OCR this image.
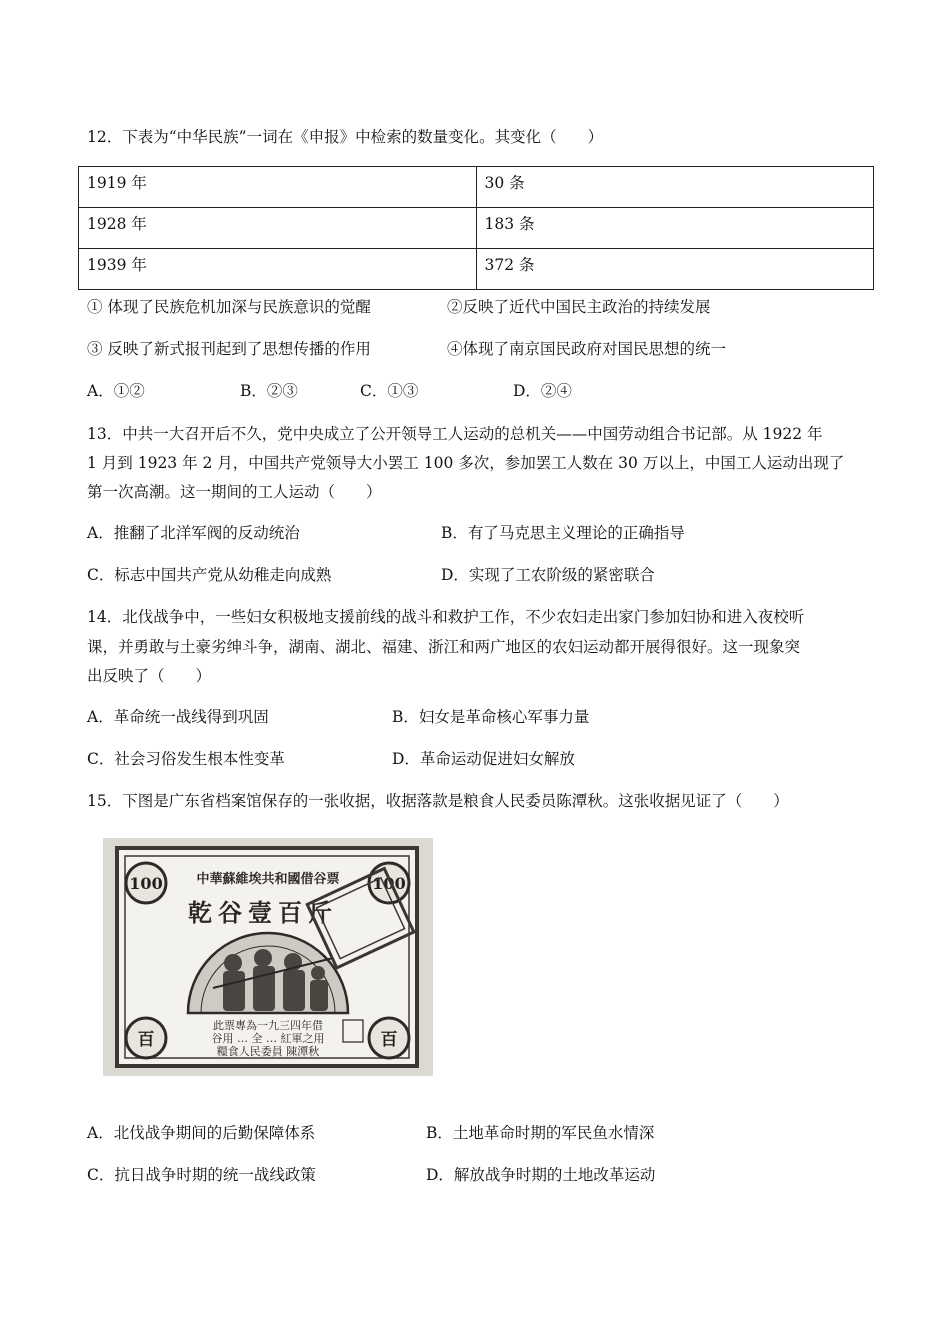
12．下表为“中华民族”一词在《申报》中检索的数量变化。其变化（　　）
1919 年	30 条
1928 年	183 条
1939 年	372 条
① 体现了民族危机加深与民族意识的觉醒	②反映了近代中国民主政治的持续发展
③ 反映了新式报刊起到了思想传播的作用	④体现了南京国民政府对国民思想的统一
A．①②	B．②③	C．①③	D．②④
13．中共一大召开后不久，党中央成立了公开领导工人运动的总机关——中国劳动组合书记部。从 1922 年
1 月到 1923 年 2 月，中国共产党领导大小罢工 100 多次，参加罢工人数在 30 万以上，中国工人运动出现了
第一次高潮。这一期间的工人运动（　　）
A．推翻了北洋军阀的反动统治	B．有了马克思主义理论的正确指导
C．标志中国共产党从幼稚走向成熟	D．实现了工农阶级的紧密联合
14．北伐战争中，一些妇女积极地支援前线的战斗和救护工作，不少农妇走出家门参加妇协和进入夜校听
课，并勇敢与土豪劣绅斗争，湖南、湖北、福建、浙江和两广地区的农妇运动都开展得很好。这一现象突
出反映了（　　）
A．革命统一战线得到巩固	B．妇女是革命核心军事力量
C．社会习俗发生根本性变革	D．革命运动促进妇女解放
15．下图是广东省档案馆保存的一张收据，收据落款是粮食人民委员陈潭秋。这张收据见证了（　　）
100	100
百	百
中華蘇維埃共和國借谷票
乾谷壹百斤
此票專為一九三四年借
谷用 … 全 … 紅軍之用
糧食人民委員 陳潭秋
A．北伐战争期间的后勤保障体系	B．土地革命时期的军民鱼水情深
C．抗日战争时期的统一战线政策	D．解放战争时期的土地改革运动
